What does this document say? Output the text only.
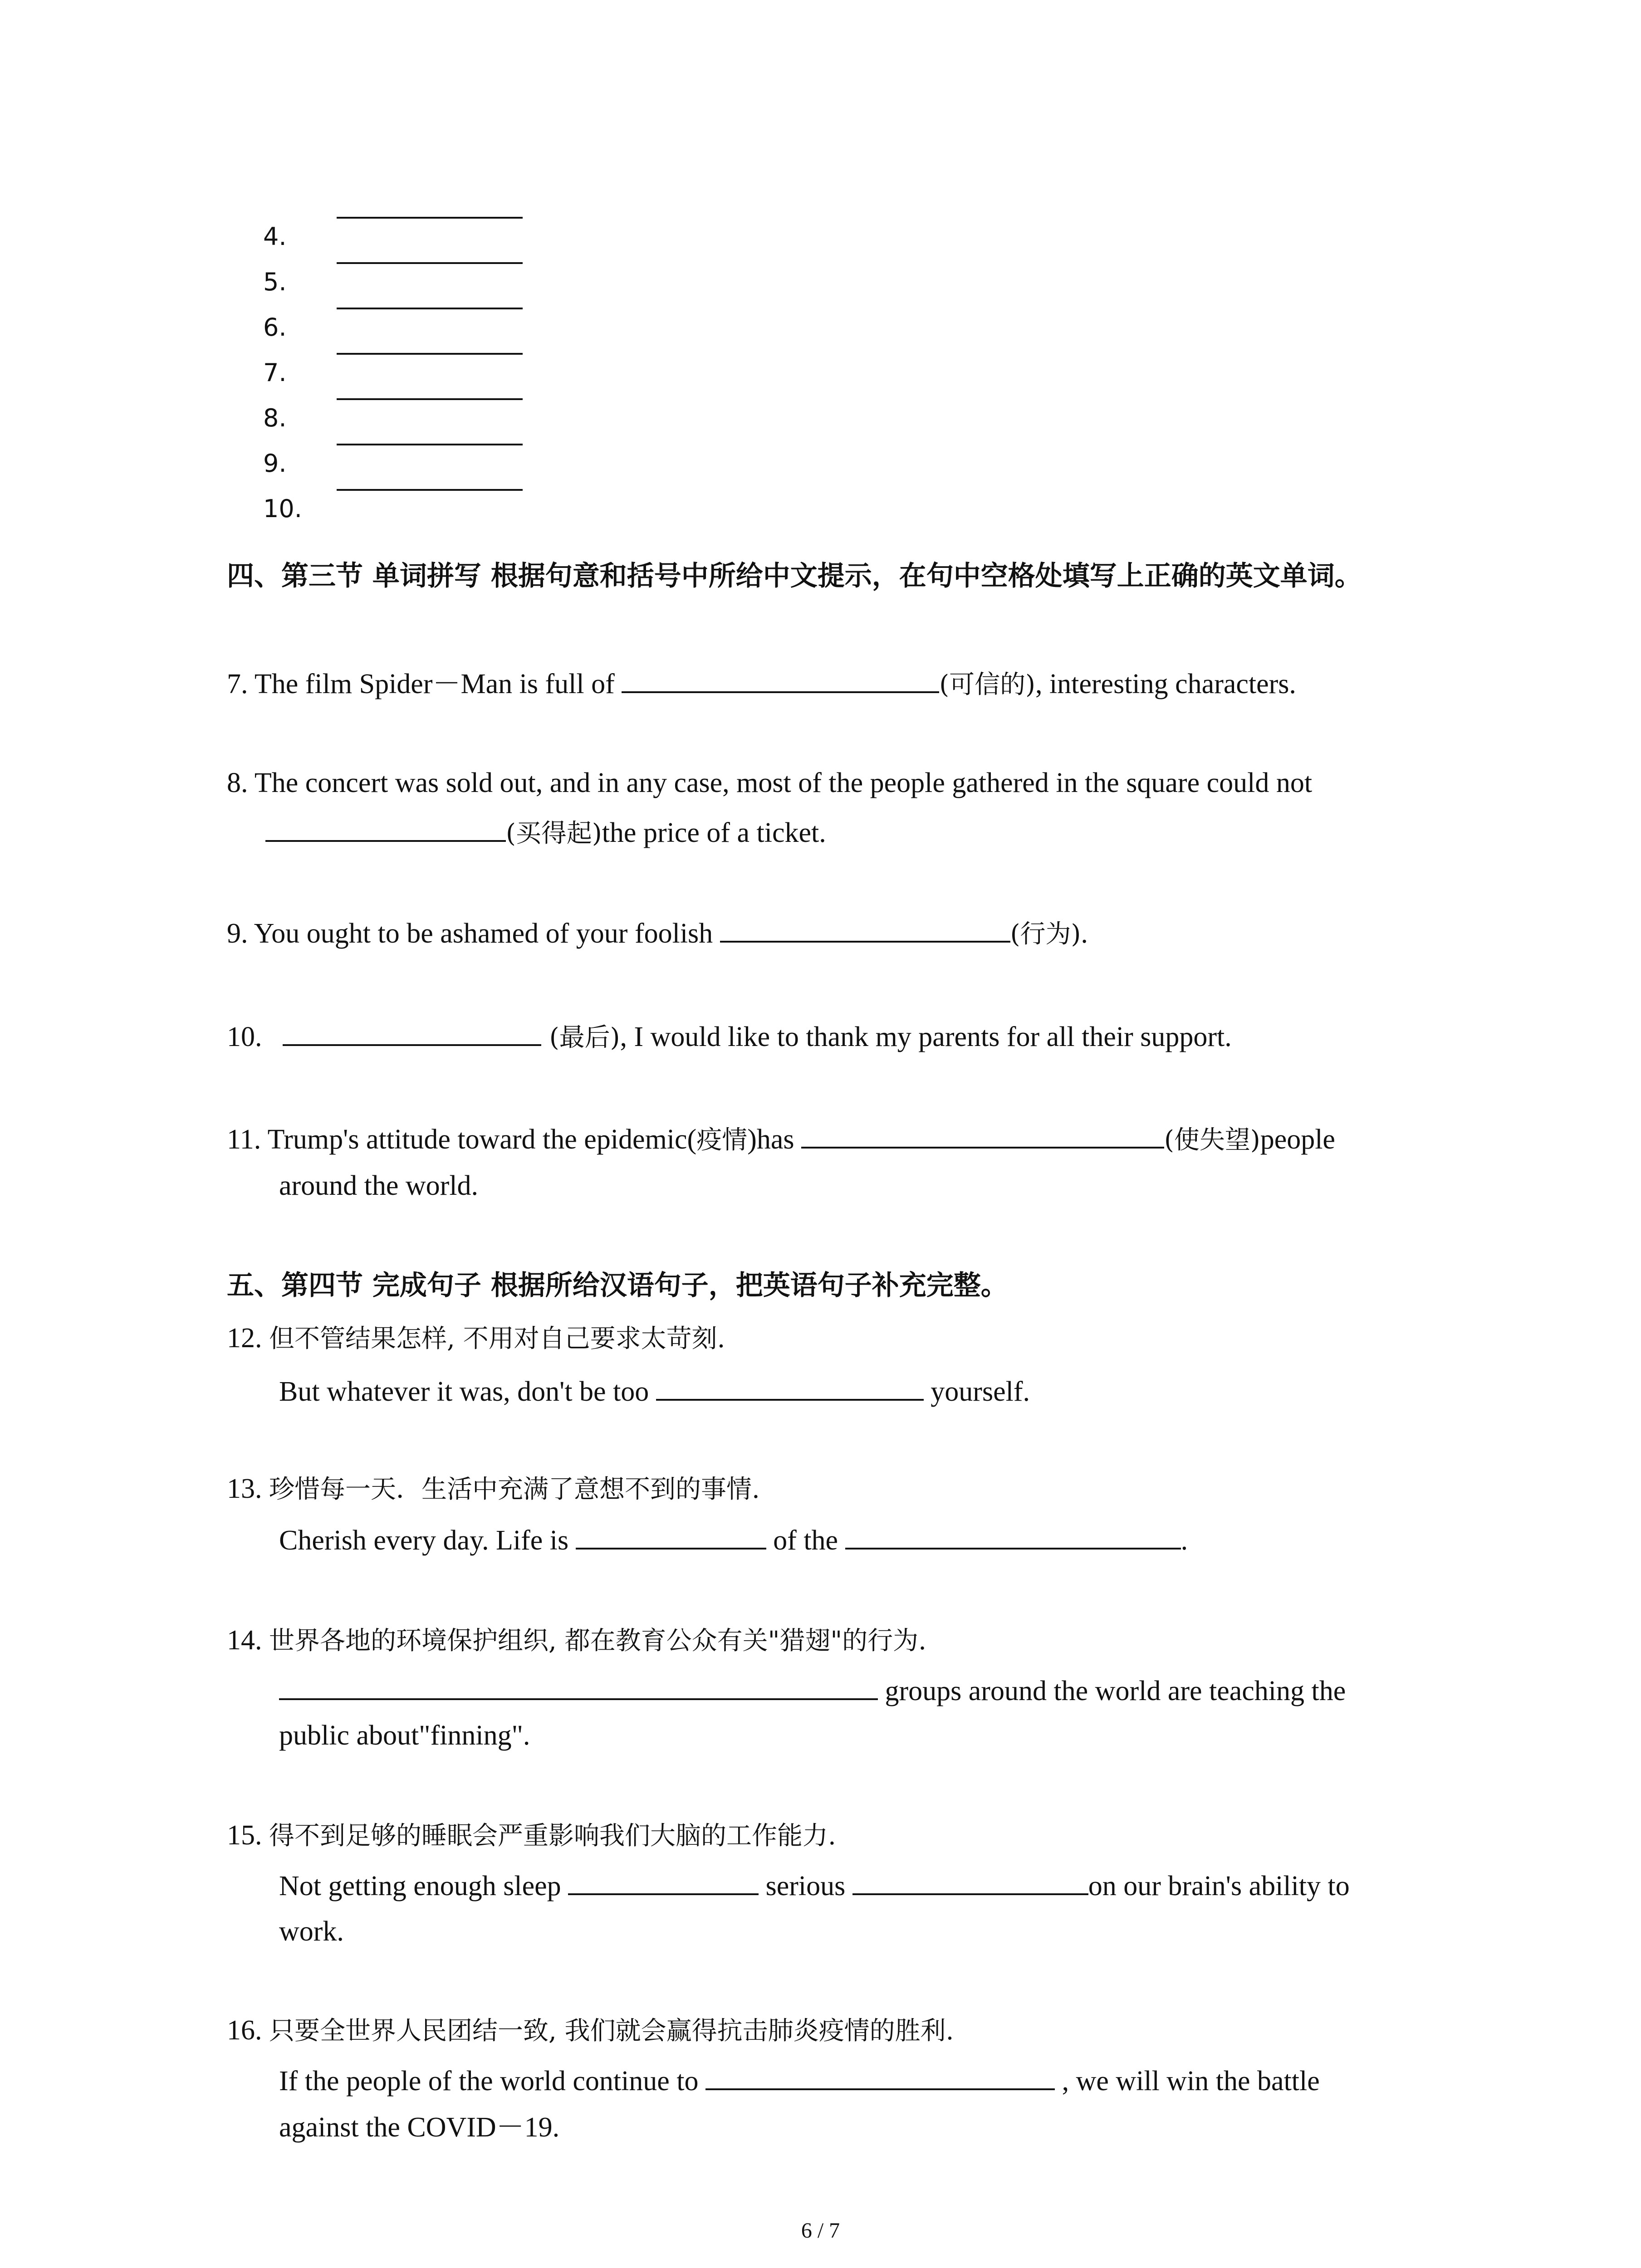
4.
5.
6.
7.
8.
9.
10.
四、第三节 单词拼写 根据句意和括号中所给中文提示，在句中空格处填写上正确的英文单词。
7. The film Spider－Man is full of	(可信的), interesting characters.
8. The concert was sold out, and in any case, most of the people gathered in the square could not
(买得起)the price of a ticket.
9. You ought to be ashamed of your foolish	(行为).
10.	(最后), I would like to thank my parents for all their support.
11. Trump's attitude toward the epidemic(疫情)has	(使失望)people
around the world.
五、第四节 完成句子 根据所给汉语句子，把英语句子补充完整。
12. 但不管结果怎样, 不用对自己要求太苛刻.
But whatever it was, don't be too	yourself.
13. 珍惜每一天．生活中充满了意想不到的事情.
Cherish every day. Life is	of the	.
14. 世界各地的环境保护组织, 都在教育公众有关"猎翅"的行为.
groups around the world are teaching the
public about"finning".
15. 得不到足够的睡眠会严重影响我们大脑的工作能力.
Not getting enough sleep	serious	on our brain's ability to
work.
16. 只要全世界人民团结一致, 我们就会赢得抗击肺炎疫情的胜利.
If the people of the world continue to	, we will win the battle
against the COVID－19.
6 / 7
